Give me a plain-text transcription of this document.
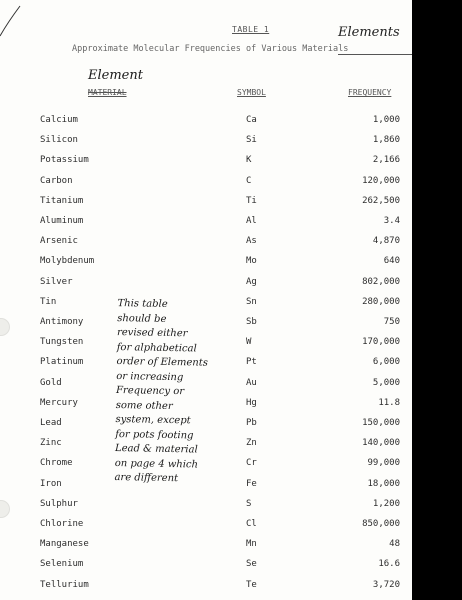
TABLE 1	Elements
Approximate Molecular Frequencies of Various Materials
Element
MATERIAL	SYMBOL	FREQUENCY
Calcium	Ca	1,000
Silicon	Si	1,860
Potassium	K	2,166
Carbon	C	120,000
Titanium	Ti	262,500
Aluminum	Al	3.4
Arsenic	As	4,870
Molybdenum	Mo	640
Silver	Ag	802,000
Tin	Sn	280,000
Antimony	Sb	750
Tungsten	W	170,000
Platinum	Pt	6,000
Gold	Au	5,000
Mercury	Hg	11.8
Lead	Pb	150,000
Zinc	Zn	140,000
Chrome	Cr	99,000
Iron	Fe	18,000
Sulphur	S	1,200
Chlorine	Cl	850,000
Manganese	Mn	48
Selenium	Se	16.6
Tellurium	Te	3,720
This table
should be
revised either
for alphabetical
order of Elements
or increasing
Frequency or
some other
system, except
for pots footing
Lead & material
on page 4 which
are different
